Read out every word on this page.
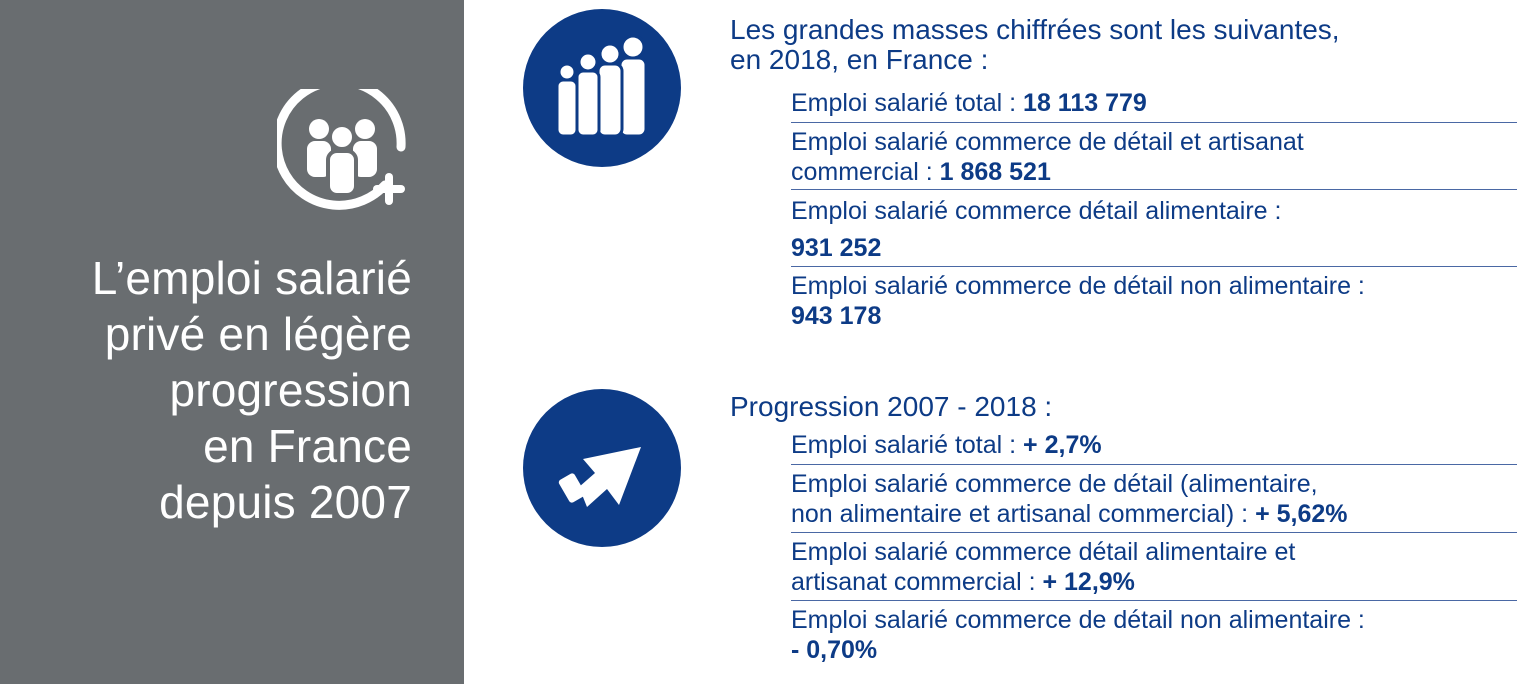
L’emploi salarié
privé en légère
progression
en France
depuis 2007
Les grandes masses chiffrées sont les suivantes,
en 2018, en France :
Emploi salarié total : 18 113 779
Emploi salarié commerce de détail et artisanat
commercial : 1 868 521
Emploi salarié commerce détail alimentaire :
931 252
Emploi salarié commerce de détail non alimentaire :
943 178
Progression 2007 - 2018 :
Emploi salarié total : + 2,7%
Emploi salarié commerce de détail (alimentaire,
non alimentaire et artisanal commercial) : + 5,62%
Emploi salarié commerce détail alimentaire et
artisanat commercial : + 12,9%
Emploi salarié commerce de détail non alimentaire :
- 0,70%
